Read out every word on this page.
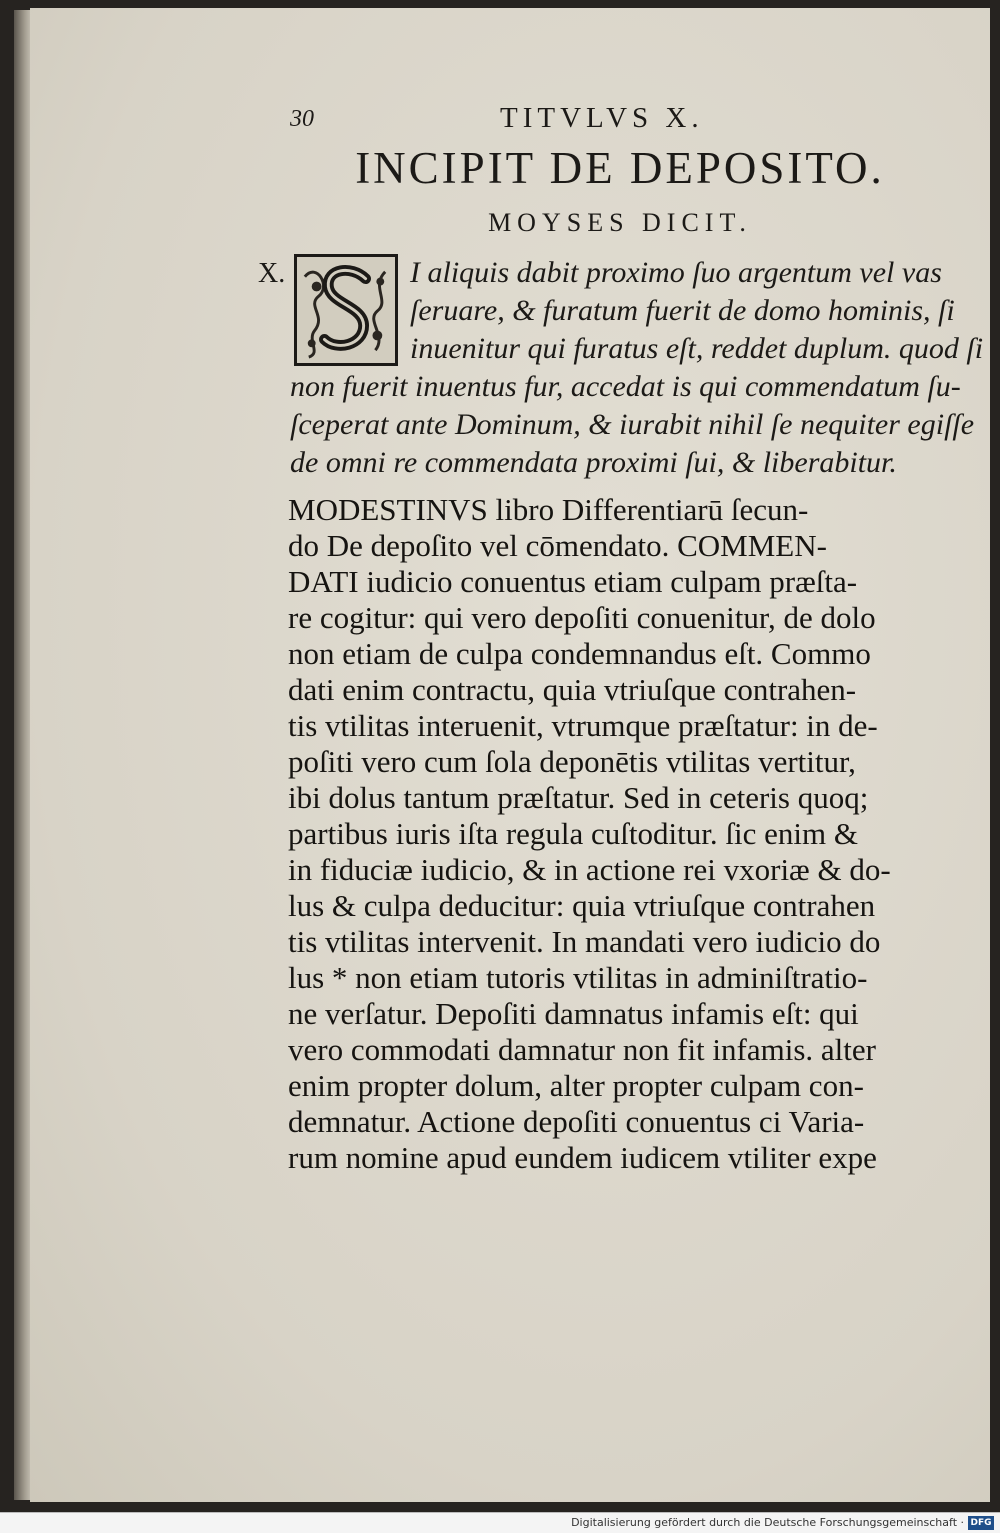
30	TITVLVS X.
INCIPIT DE DEPOSITO.
MOYSES DICIT.
X.	I aliquis dabit proximo ſuo argentum vel vas
ſeruare, & furatum fuerit de domo hominis, ſi
inuenitur qui furatus eſt, reddet duplum. quod ſi
non fuerit inuentus fur, accedat is qui commendatum ſu-
ſceperat ante Dominum, & iurabit nihil ſe nequiter egiſſe
de omni re commendata proximi ſui, & liberabitur.
MODESTINVS libro Differentiarū ſecun-
do De depoſito vel cōmendato. COMMEN-
DATI iudicio conuentus etiam culpam præſta-
re cogitur: qui vero depoſiti conuenitur, de dolo
non etiam de culpa condemnandus eſt. Commo
dati enim contractu, quia vtriuſque contrahen-
tis vtilitas interuenit, vtrumque præſtatur: in de-
poſiti vero cum ſola deponētis vtilitas vertitur,
ibi dolus tantum præſtatur. Sed in ceteris quoq;
partibus iuris iſta regula cuſtoditur. ſic enim &
in fiduciæ iudicio, & in actione rei vxoriæ & do-
lus & culpa deducitur: quia vtriuſque contrahen
tis vtilitas intervenit. In mandati vero iudicio do
lus * non etiam tutoris vtilitas in adminiſtratio-
ne verſatur. Depoſiti damnatus infamis eſt: qui
vero commodati damnatur non fit infamis. alter
enim propter dolum, alter propter culpam con-
demnatur. Actione depoſiti conuentus ci Varia-
rum nomine apud eundem iudicem vtiliter expe
Digitalisierung gefördert durch die Deutsche Forschungsgemeinschaft · DFG
